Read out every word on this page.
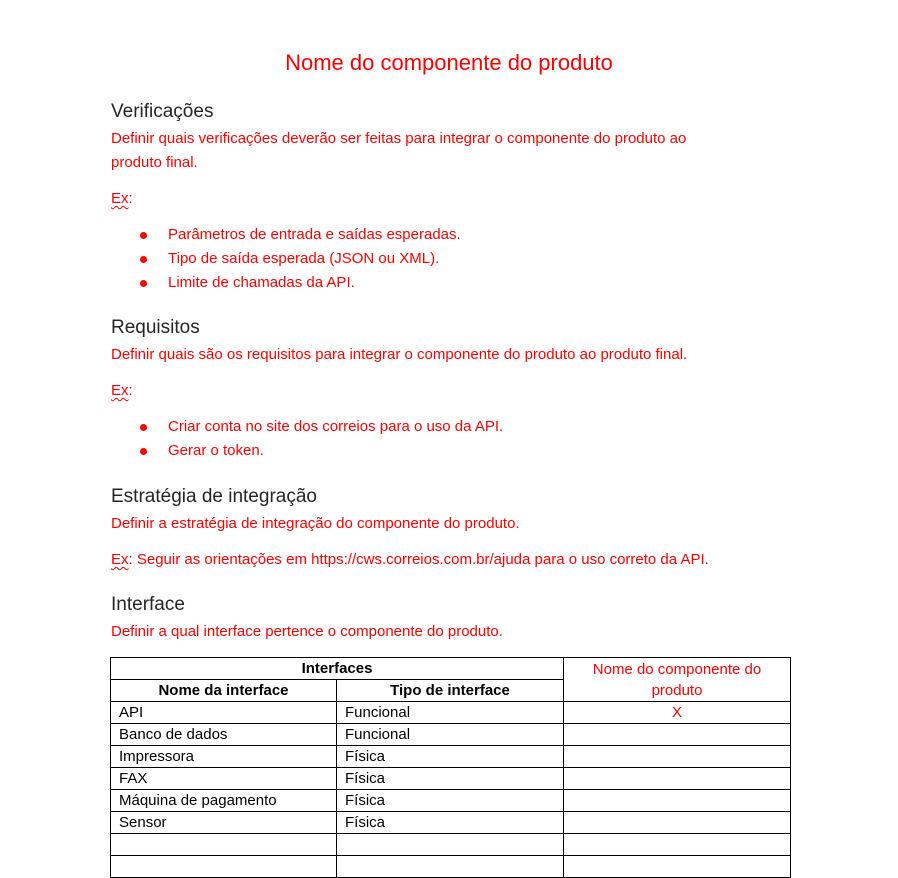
Nome do componente do produto
Verificações

Definir quais verificações deverão ser feitas para integrar o componente do produto ao

produto final.

Ex:

Parâmetros de entrada e saídas esperadas.
Tipo de saída esperada (JSON ou XML).
Limite de chamadas da API.
Requisitos

Definir quais são os requisitos para integrar o componente do produto ao produto final.

Ex:

Criar conta no site dos correios para o uso da API.
Gerar o token.
Estratégia de integração

Definir a estratégia de integração do componente do produto.

Ex: Seguir as orientações em https://cws.correios.com.br/ajuda para o uso correto da API.

Interface

Definir a qual interface pertence o componente do produto.

Interfaces		Nome do componente do produto
Nome da interface	Tipo de interface	
API	Funcional	X
Banco de dados	Funcional	
Impressora	Física	
FAX	Física	
Máquina de pagamento	Física	
Sensor	Física	
